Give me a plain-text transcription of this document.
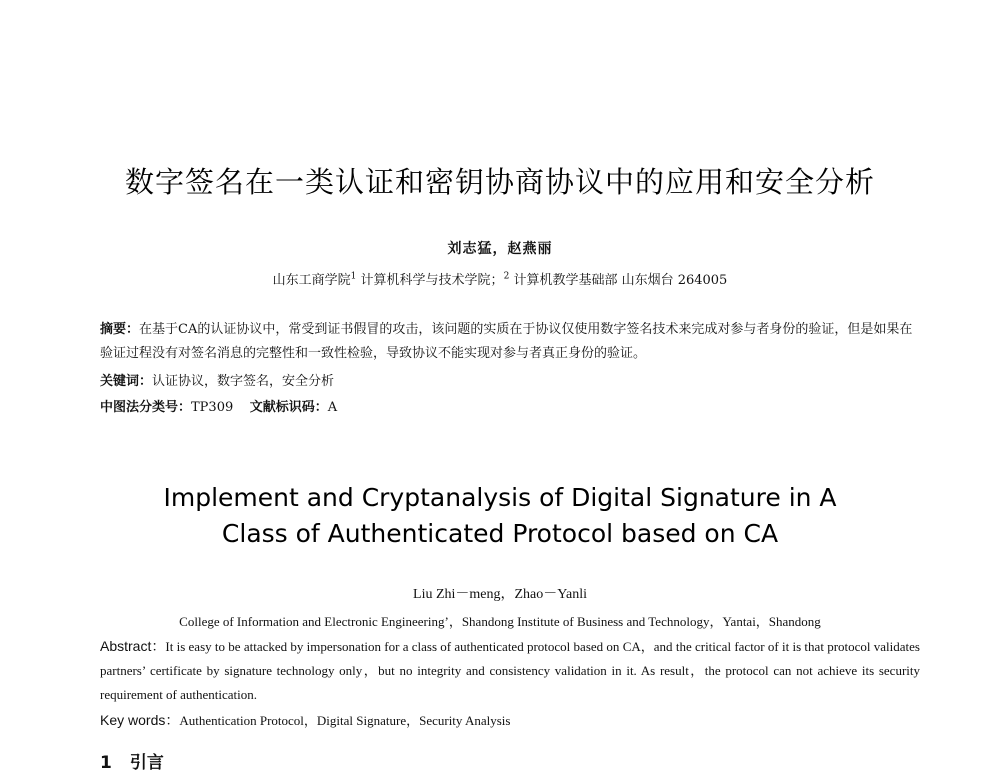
数字签名在一类认证和密钥协商协议中的应用和安全分析
刘志猛，赵燕丽
山东工商学院$^1$ 计算机科学与技术学院；$^2$ 计算机教学基础部 山东烟台 264005
摘要：在基于CA的认证协议中，常受到证书假冒的攻击，该问题的实质在于协议仅使用数字签名技术来完成对参与者身份的验证，但是如果在验证过程没有对签名消息的完整性和一致性检验，导致协议不能实现对参与者真正身份的验证。
关键词：认证协议，数字签名，安全分析
中图法分类号：TP309 文献标识码：A
Implement and Cryptanalysis of Digital Signature in A
Class of Authenticated Protocol based on CA
Liu Zhi－meng，Zhao－Yanli
College of Information and Electronic Engineering’，Shandong Institute of Business and Technology，Yantai，Shandong
Abstract：It is easy to be attacked by impersonation for a class of authenticated protocol based on CA，and the critical factor of it is that protocol validates partners’ certificate by signature technology only，but no integrity and consistency validation in it. As result，the protocol can not achieve its security requirement of authentication.
Key words：Authentication Protocol，Digital Signature，Security Analysis
1 引言
